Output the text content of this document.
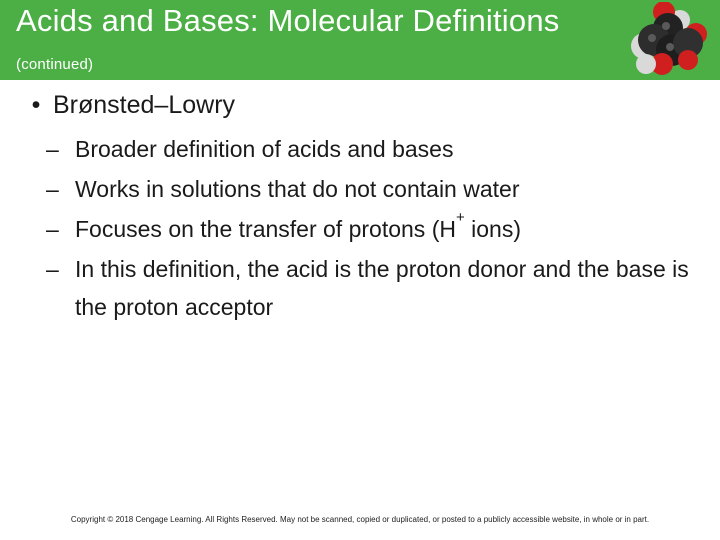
Acids and Bases: Molecular Definitions (continued)
• Brønsted–Lowry
– Broader definition of acids and bases
– Works in solutions that do not contain water
– Focuses on the transfer of protons (H+ ions)
– In this definition, the acid is the proton donor and the base is the proton acceptor
Copyright © 2018 Cengage Learning. All Rights Reserved. May not be scanned, copied or duplicated, or posted to a publicly accessible website, in whole or in part.
